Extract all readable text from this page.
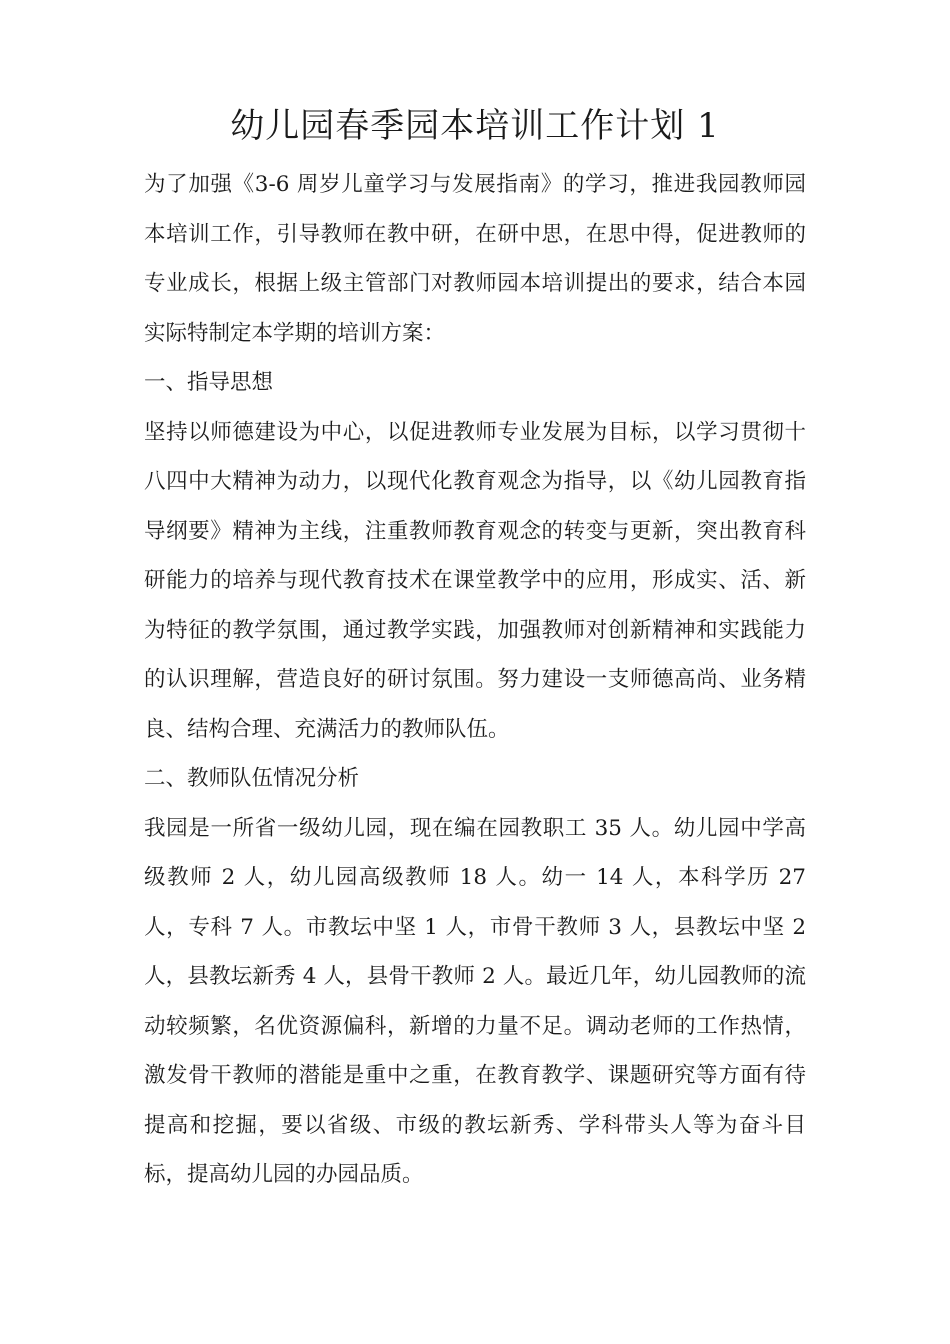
幼儿园春季园本培训工作计划 1

为了加强《3-6 周岁儿童学习与发展指南》的学习，推进我园教师园本培训工作，引导教师在教中研，在研中思，在思中得，促进教师的专业成长，根据上级主管部门对教师园本培训提出的要求，结合本园实际特制定本学期的培训方案：

一、指导思想

坚持以师德建设为中心，以促进教师专业发展为目标，以学习贯彻十八四中大精神为动力，以现代化教育观念为指导，以《幼儿园教育指导纲要》精神为主线，注重教师教育观念的转变与更新，突出教育科研能力的培养与现代教育技术在课堂教学中的应用，形成实、活、新为特征的教学氛围，通过教学实践，加强教师对创新精神和实践能力的认识理解，营造良好的研讨氛围。努力建设一支师德高尚、业务精良、结构合理、充满活力的教师队伍。

二、教师队伍情况分析

我园是一所省一级幼儿园，现在编在园教职工 35 人。幼儿园中学高级教师 2 人，幼儿园高级教师 18 人。幼一 14 人，本科学历 27 人，专科 7 人。市教坛中坚 1 人，市骨干教师 3 人，县教坛中坚 2 人，县教坛新秀 4 人，县骨干教师 2 人。最近几年，幼儿园教师的流动较频繁，名优资源偏科，新增的力量不足。调动老师的工作热情，激发骨干教师的潜能是重中之重，在教育教学、课题研究等方面有待提高和挖掘，要以省级、市级的教坛新秀、学科带头人等为奋斗目标，提高幼儿园的办园品质。
